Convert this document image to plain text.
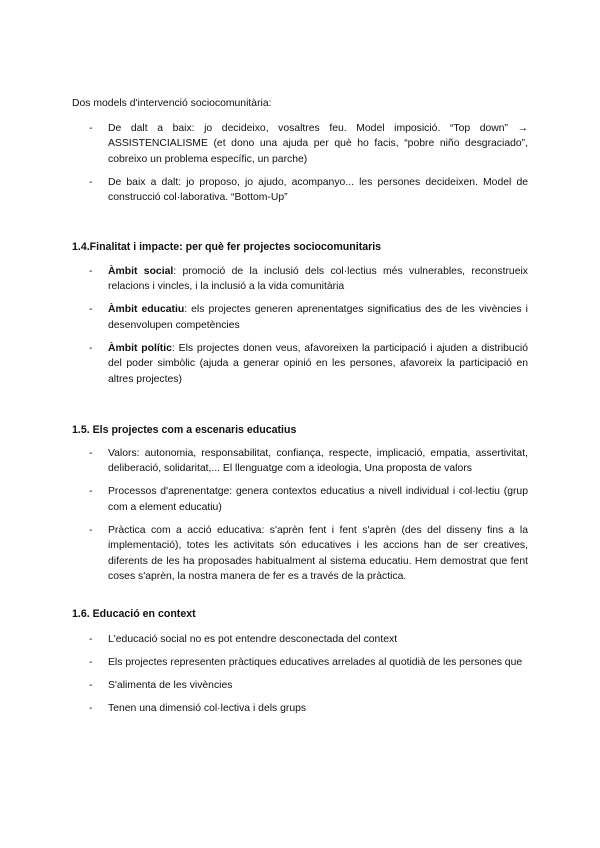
Dos models d'intervenció sociocomunitària:

- De dalt a baix: jo decideixo, vosaltres feu. Model imposició. “Top down” → ASSISTENCIALISME (et dono una ajuda per què ho facis, “pobre niño desgraciado”, cobreixo un problema específic, un parche)
- De baix a dalt: jo proposo, jo ajudo, acompanyo... les persones decideixen. Model de construcció col·laborativa. “Bottom-Up”

1.4.Finalitat i impacte: per què fer projectes sociocomunitaris

- Àmbit social: promoció de la inclusió dels col·lectius més vulnerables, reconstrueix relacions i vincles, i la inclusió a la vida comunitària
- Àmbit educatiu: els projectes generen aprenentatges significatius des de les vivències i desenvolupen competències
- Àmbit polític: Els projectes donen veus, afavoreixen la participació i ajuden a distribució del poder simbòlic (ajuda a generar opinió en les persones, afavoreix la participació en altres projectes)

1.5. Els projectes com a escenaris educatius

- Valors: autonomia, responsabilitat, confiança, respecte, implicació, empatia, assertivitat, deliberació, solidaritat,... El llenguatge com a ideologia, Una proposta de valors
- Processos d'aprenentatge: genera contextos educatius a nivell individual i col·lectiu (grup com a element educatiu)
- Pràctica com a acció educativa: s'aprèn fent i fent s'aprèn (des del disseny fins a la implementació), totes les activitats són educatives i les accions han de ser creatives, diferents de les ha proposades habitualment al sistema educatiu. Hem demostrat que fent coses s'aprèn, la nostra manera de fer es a través de la pràctica.

1.6. Educació en context

- L'educació social no es pot entendre desconectada del context
- Els projectes representen pràctiques educatives arrelades al quotidià de les persones que
- S'alimenta de les vivències
- Tenen una dimensió col·lectiva i dels grups
